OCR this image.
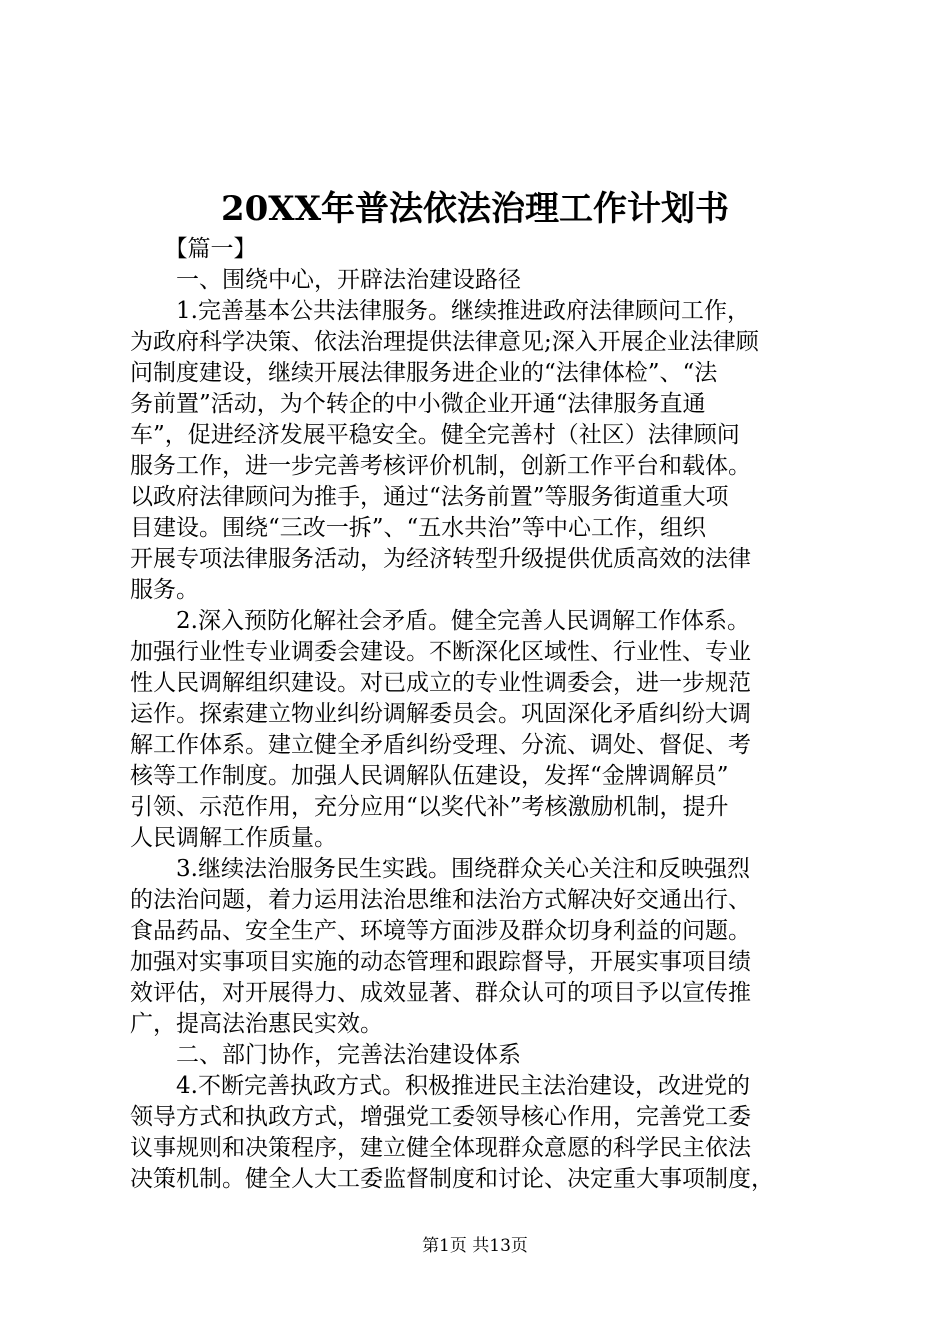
20XX年普法依法治理工作计划书
　　【篇一】
　　一、围绕中心，开辟法治建设路径
　　1.完善基本公共法律服务。继续推进政府法律顾问工作，
为政府科学决策、依法治理提供法律意见;深入开展企业法律顾
问制度建设，继续开展法律服务进企业的“法律体检”、“法
务前置”活动，为个转企的中小微企业开通“法律服务直通
车”，促进经济发展平稳安全。健全完善村（社区）法律顾问
服务工作，进一步完善考核评价机制，创新工作平台和载体。
以政府法律顾问为推手，通过“法务前置”等服务街道重大项
目建设。围绕“三改一拆”、“五水共治”等中心工作，组织
开展专项法律服务活动，为经济转型升级提供优质高效的法律
服务。
　　2.深入预防化解社会矛盾。健全完善人民调解工作体系。
加强行业性专业调委会建设。不断深化区域性、行业性、专业
性人民调解组织建设。对已成立的专业性调委会，进一步规范
运作。探索建立物业纠纷调解委员会。巩固深化矛盾纠纷大调
解工作体系。建立健全矛盾纠纷受理、分流、调处、督促、考
核等工作制度。加强人民调解队伍建设，发挥“金牌调解员”
引领、示范作用，充分应用“以奖代补”考核激励机制，提升
人民调解工作质量。
　　3.继续法治服务民生实践。围绕群众关心关注和反映强烈
的法治问题，着力运用法治思维和法治方式解决好交通出行、
食品药品、安全生产、环境等方面涉及群众切身利益的问题。
加强对实事项目实施的动态管理和跟踪督导，开展实事项目绩
效评估，对开展得力、成效显著、群众认可的项目予以宣传推
广，提高法治惠民实效。
　　二、部门协作，完善法治建设体系
　　4.不断完善执政方式。积极推进民主法治建设，改进党的
领导方式和执政方式，增强党工委领导核心作用，完善党工委
议事规则和决策程序，建立健全体现群众意愿的科学民主依法
决策机制。健全人大工委监督制度和讨论、决定重大事项制度，
第1页 共13页
